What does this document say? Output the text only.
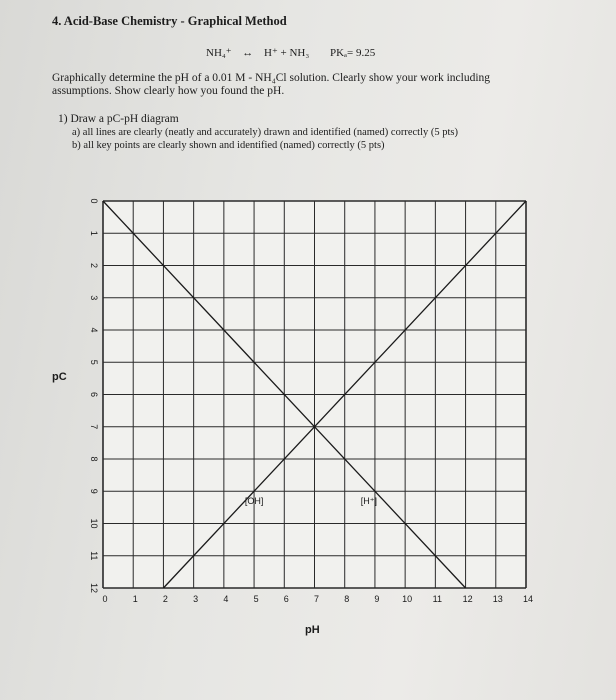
4. Acid-Base Chemistry - Graphical Method
NH₄⁺ ↔ H⁺ + NH₃ PKₐ= 9.25
Graphically determine the pH of a 0.01 M - NH₄Cl solution. Clearly show your work including
assumptions. Show clearly how you found the pH.
1) Draw a pC-pH diagram
a) all lines are clearly (neatly and accurately) drawn and identified (named) correctly (5 pts)
b) all key points are clearly shown and identified (named) correctly (5 pts)
pC
pH
0
1
2
3
4
5
6
7
8
9
10
11
12
0	1	2	3	4	5	6	7	8	9	10 11 12 13 14
[OH]	[H⁺]
